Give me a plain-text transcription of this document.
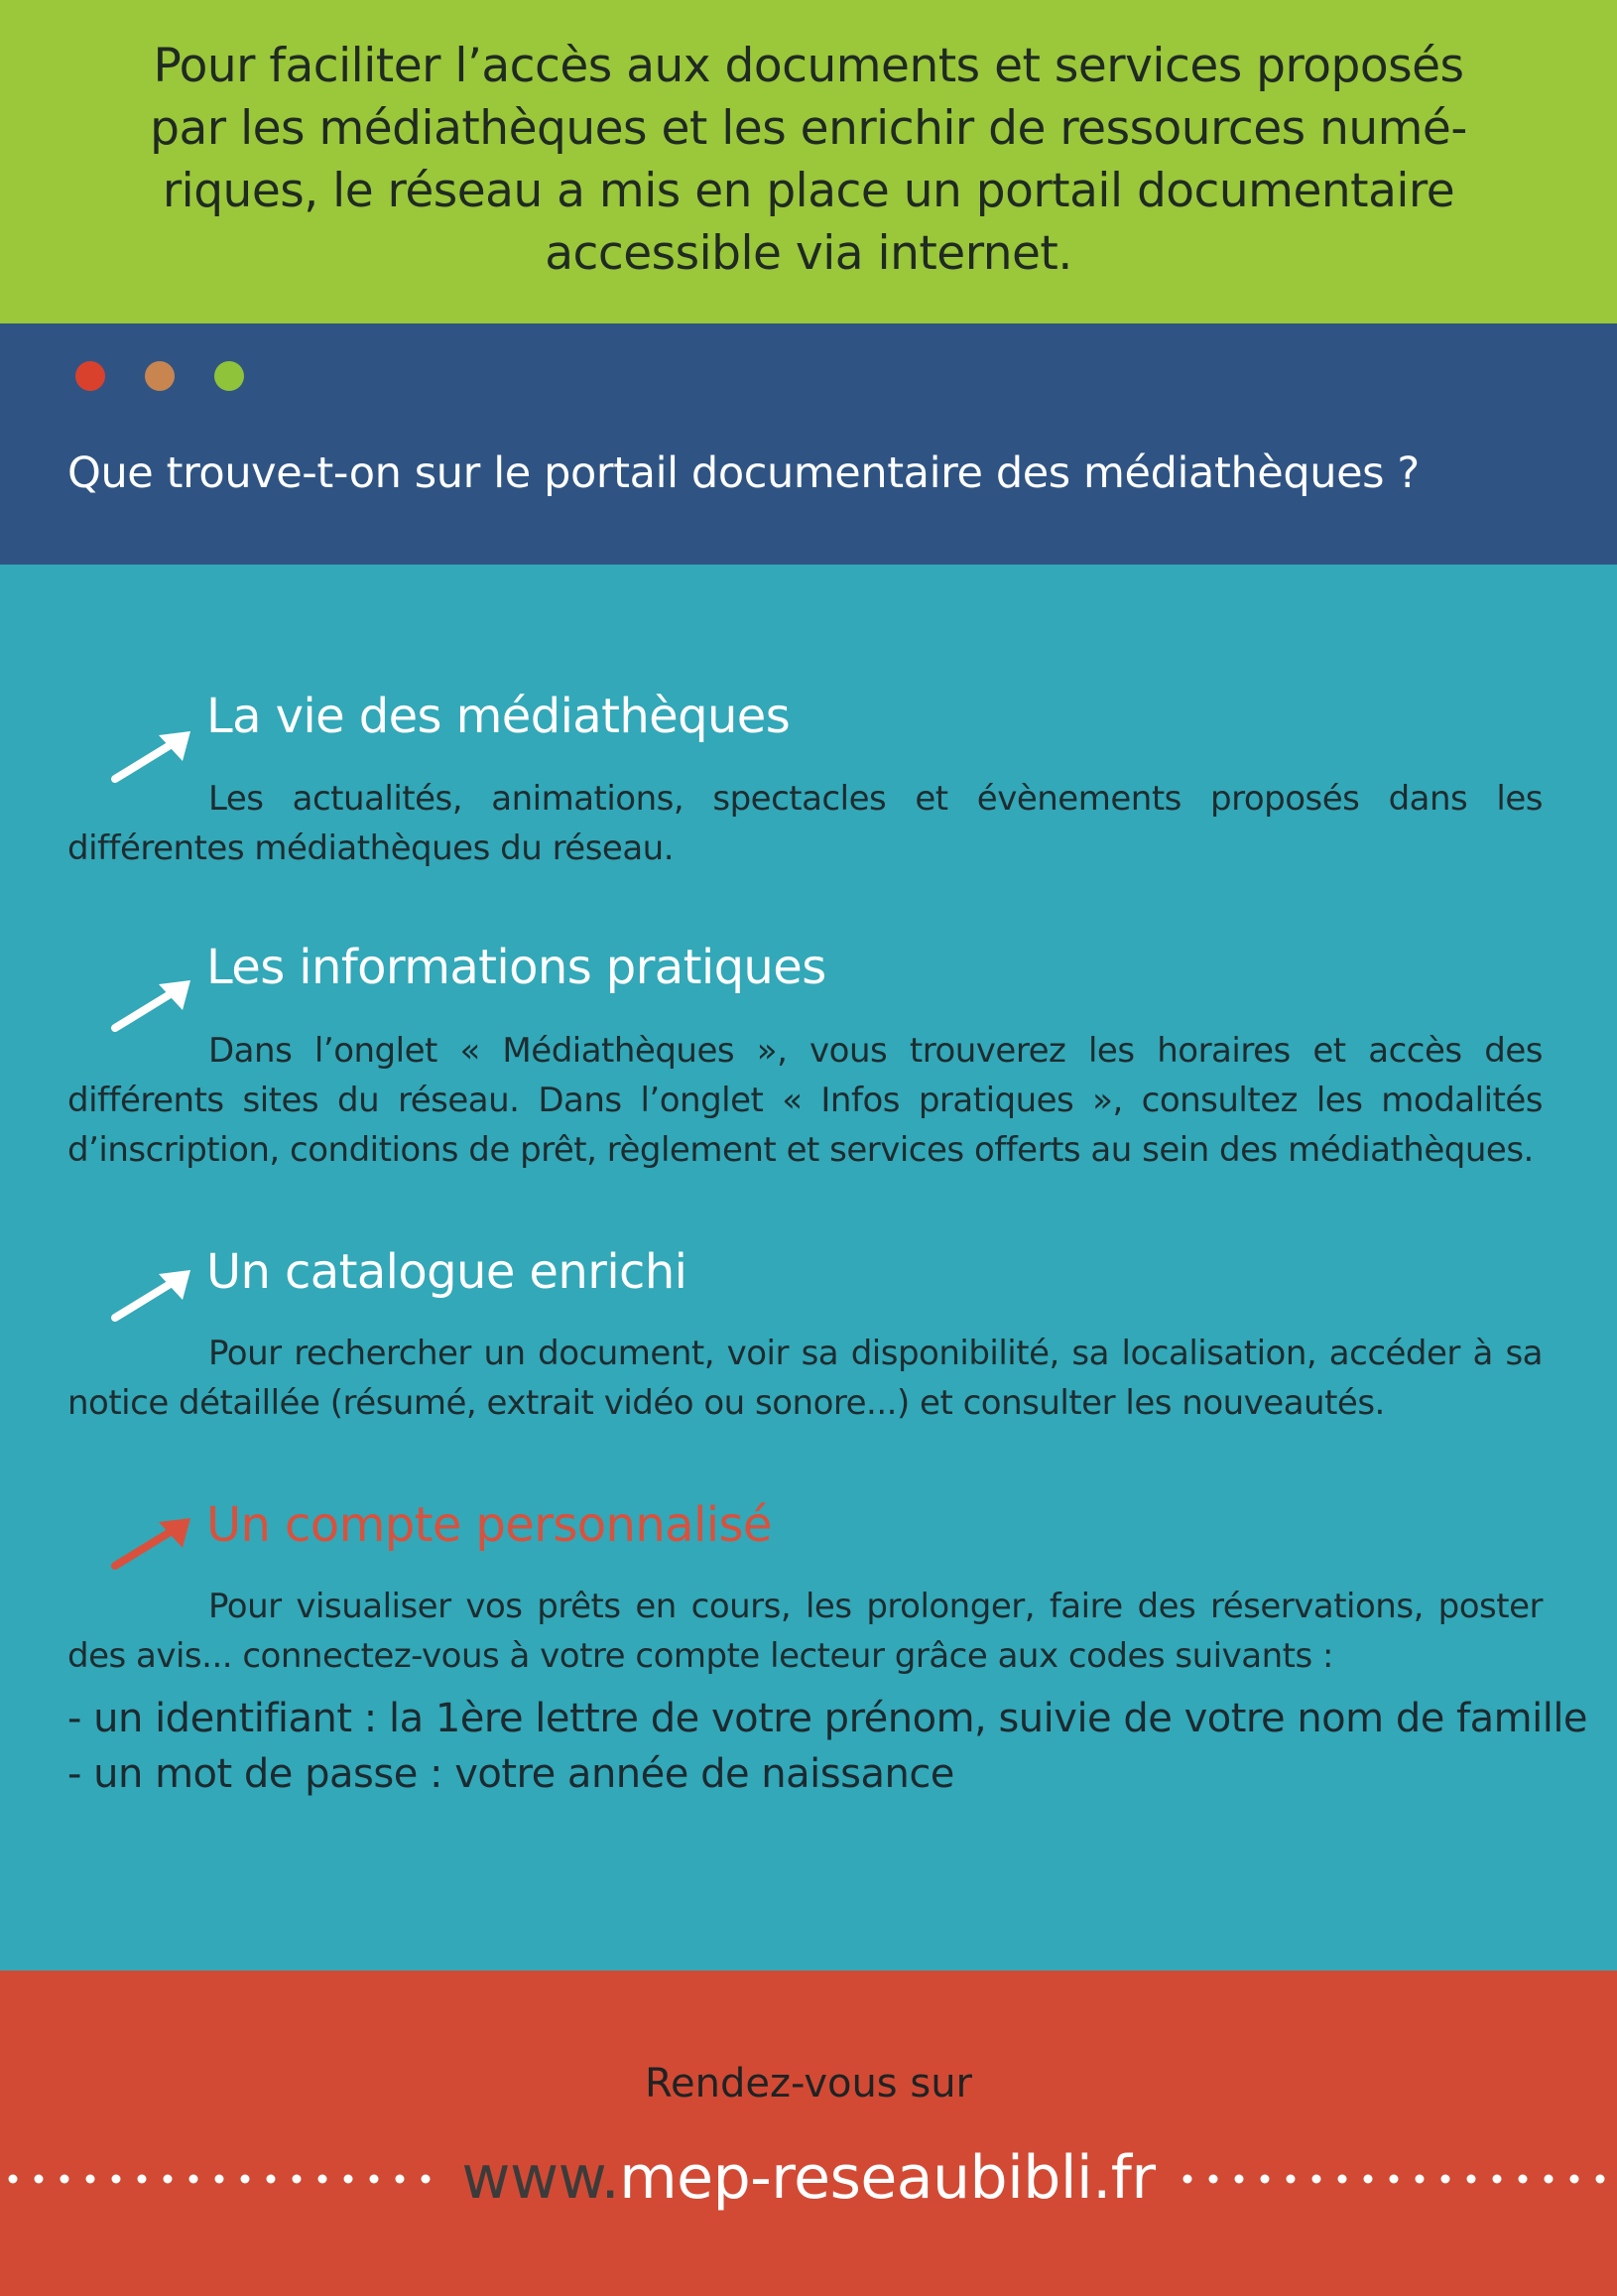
Pour faciliter l’accès aux documents et services proposés
par les médiathèques et les enrichir de ressources numé-
riques, le réseau a mis en place un portail documentaire
accessible via internet.
Que trouve-t-on sur le portail documentaire des médiathèques ?
La vie des médiathèques
Les actualités, animations, spectacles et évènements proposés dans les différentes médiathèques du réseau.
Les informations pratiques
Dans l’onglet « Médiathèques », vous trouverez les horaires et accès des différents sites du réseau. Dans l’onglet « Infos pratiques », consultez les modalités d’inscription, conditions de prêt, règlement et services offerts au sein des médiathèques.
Un catalogue enrichi
Pour rechercher un document, voir sa disponibilité, sa localisation, accéder à sa notice détaillée (résumé, extrait vidéo ou sonore...) et consulter les nouveautés.
Un compte personnalisé
Pour visualiser vos prêts en cours, les prolonger, faire des réservations, poster des avis... connectez-vous à votre compte lecteur grâce aux codes suivants :
- un identifiant : la 1ère lettre de votre prénom, suivie de votre nom de famille
- un mot de passe : votre année de naissance
Rendez-vous sur
www.mep-reseaubibli.fr
